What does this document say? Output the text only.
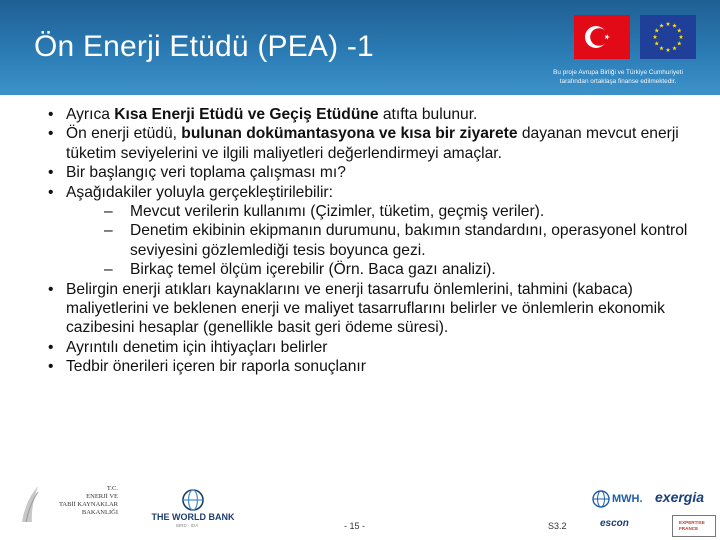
Ön Enerji Etüdü (PEA) -1
Bu proje Avrupa Birliği ve Türkiye Cumhuriyeti
tarafından ortaklaşa finanse edilmektedir.
• Ayrıca Kısa Enerji Etüdü ve Geçiş Etüdüne atıfta bulunur.
• Ön enerji etüdü, bulunan dokümantasyona ve kısa bir ziyarete dayanan mevcut enerji tüketim seviyelerini ve ilgili maliyetleri değerlendirmeyi amaçlar.
• Bir başlangıç veri toplama çalışması mı?
• Aşağıdakiler yoluyla gerçekleştirilebilir:
– Mevcut verilerin kullanımı (Çizimler, tüketim, geçmiş veriler).
– Denetim ekibinin ekipmanın durumunu, bakımın standardını, operasyonel kontrol seviyesini gözlemlediği tesis boyunca gezi.
– Birkaç temel ölçüm içerebilir (Örn. Baca gazı analizi).
• Belirgin enerji atıkları kaynaklarını ve enerji tasarrufu önlemlerini, tahmini (kabaca) maliyetlerini ve beklenen enerji ve maliyet tasarruflarını belirler ve önlemlerin ekonomik cazibesini hesaplar (genellikle basit geri ödeme süresi).
• Ayrıntılı denetim için ihtiyaçları belirler
• Tedbir önerileri içeren bir raporla sonuçlanır
T.C.
ENERJİ VE
TABİİ KAYNAKLAR
BAKANLIĞI	THE WORLD BANK
IBRD · IDA	- 15 -	S3.2
MWH. exergia
escon	EXPERTISE
FRANCE
